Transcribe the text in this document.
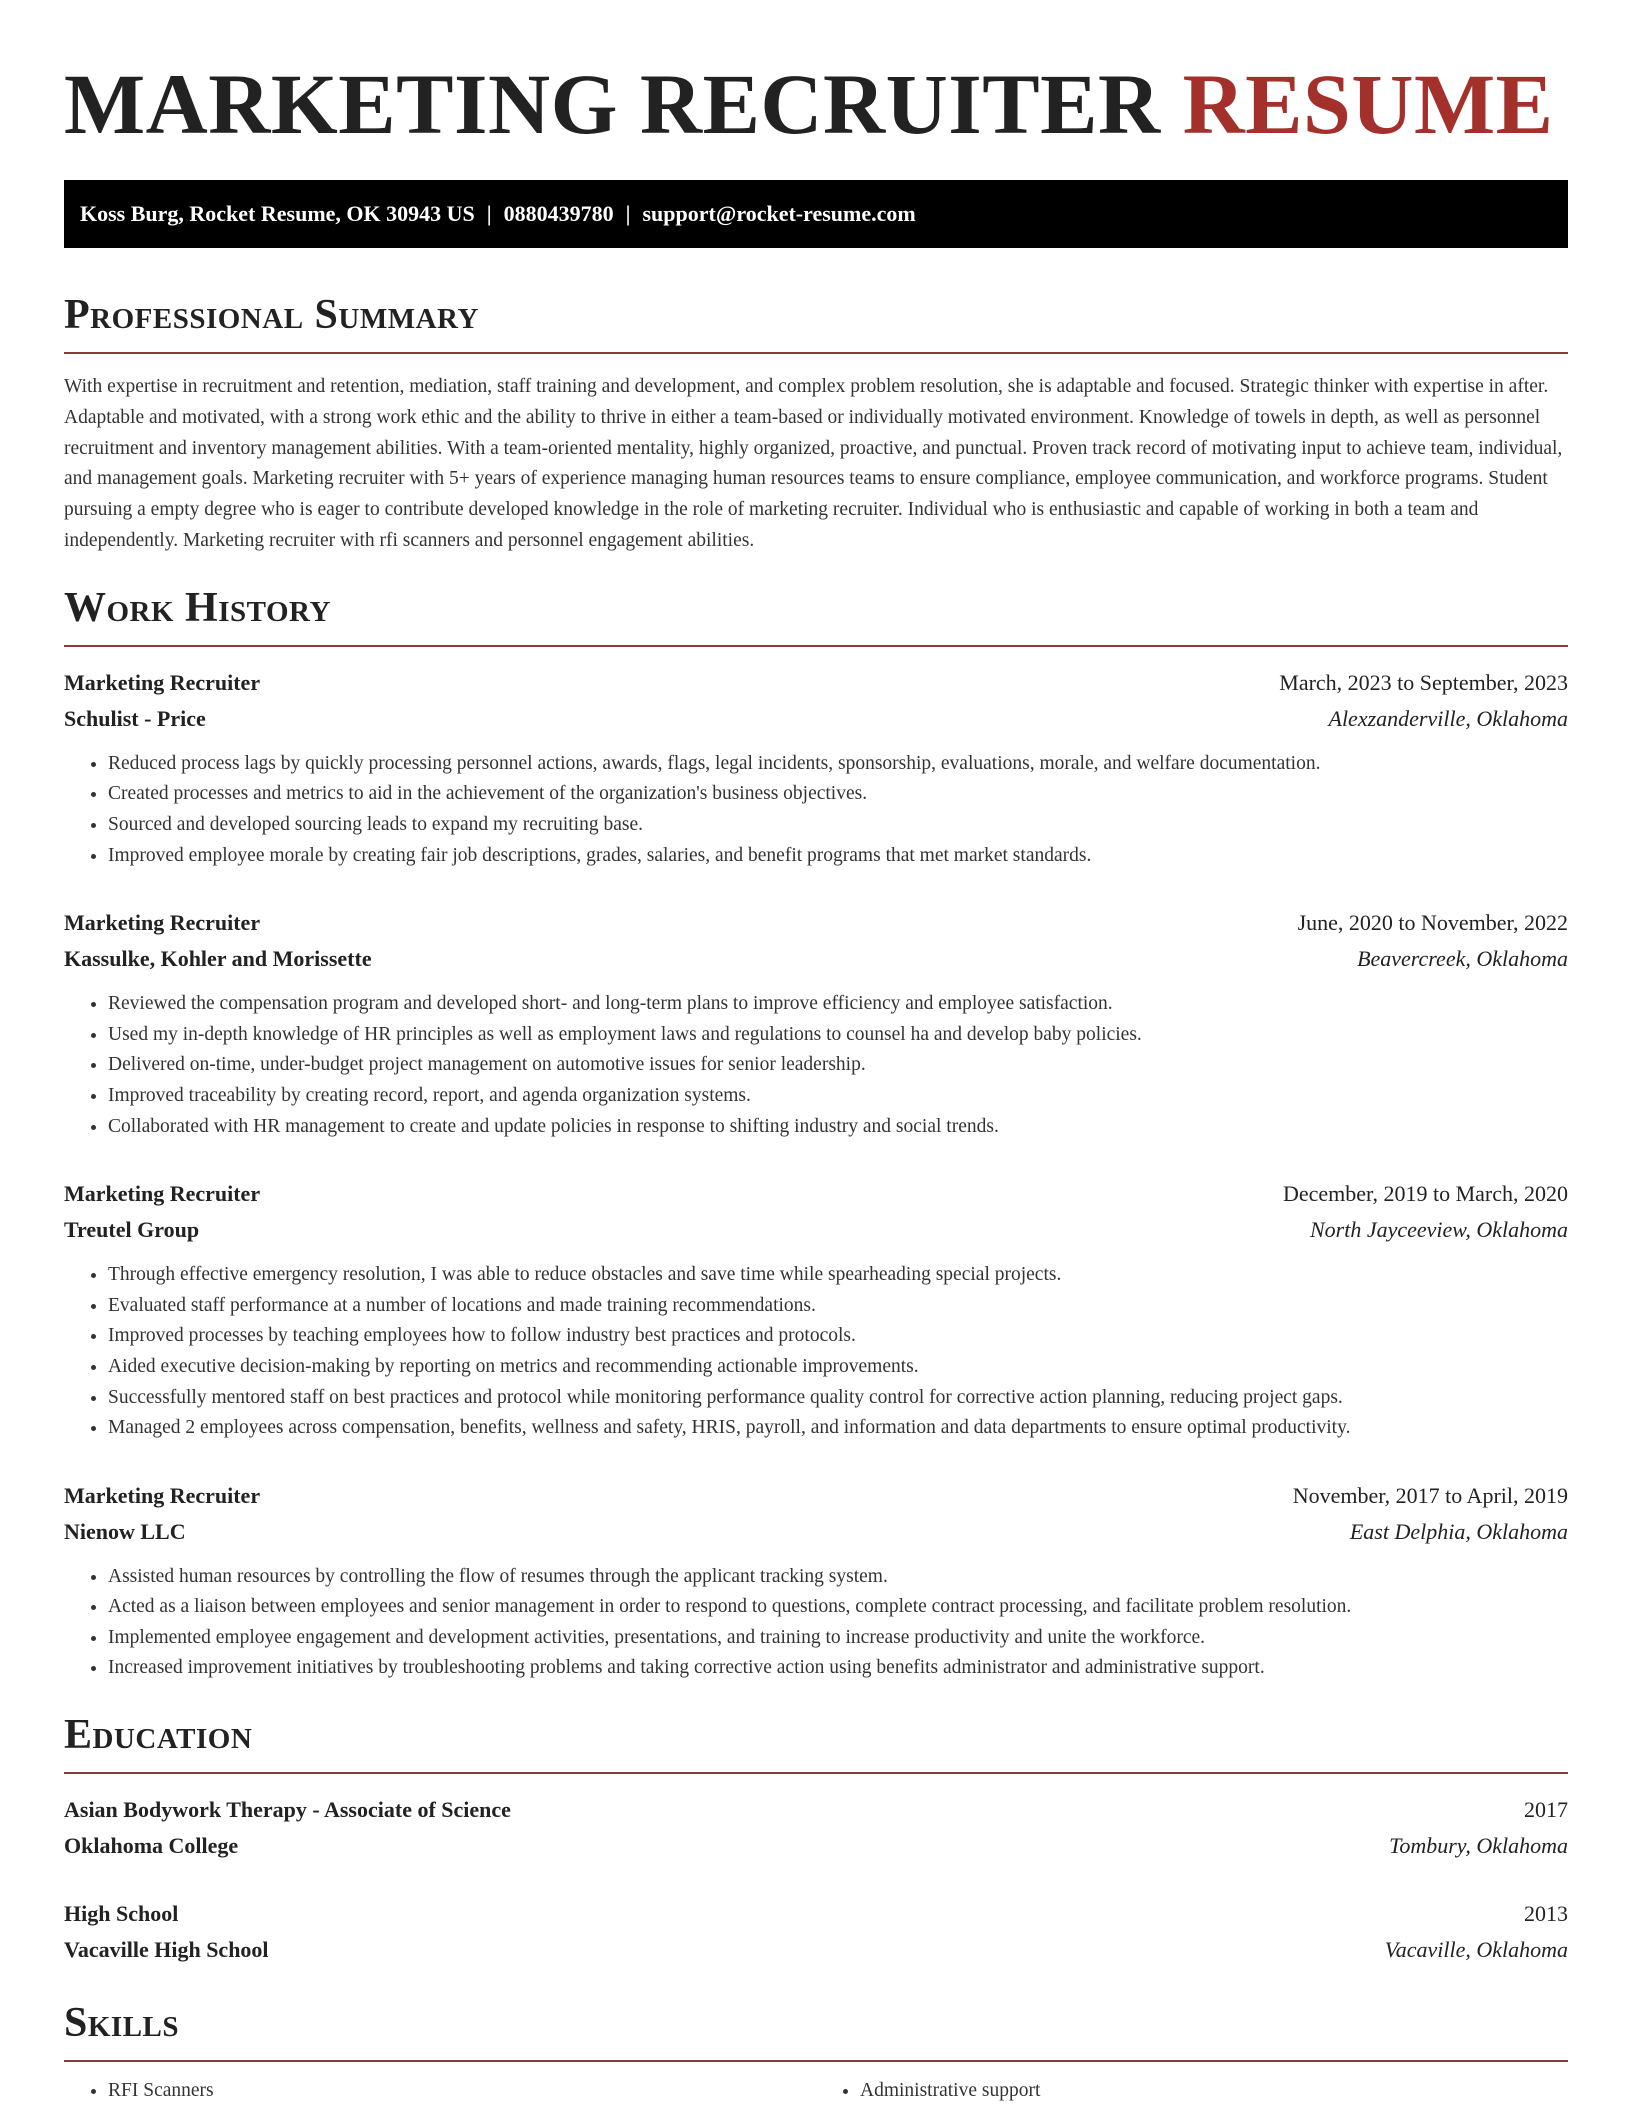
MARKETING RECRUITER RESUME
Koss Burg, Rocket Resume, OK 30943 US | 0880439780 | support@rocket-resume.com
Professional Summary

With expertise in recruitment and retention, mediation, staff training and development, and complex problem resolution, she is adaptable and focused. Strategic thinker with expertise in after. Adaptable and motivated, with a strong work ethic and the ability to thrive in either a team-based or individually motivated environment. Knowledge of towels in depth, as well as personnel recruitment and inventory management abilities. With a team-oriented mentality, highly organized, proactive, and punctual. Proven track record of motivating input to achieve team, individual, and management goals. Marketing recruiter with 5+ years of experience managing human resources teams to ensure compliance, employee communication, and workforce programs. Student pursuing a empty degree who is eager to contribute developed knowledge in the role of marketing recruiter. Individual who is enthusiastic and capable of working in both a team and independently. Marketing recruiter with rfi scanners and personnel engagement abilities.

Work History
Marketing Recruiter	March, 2023 to September, 2023
Schulist - Price	Alexzanderville, Oklahoma
• Reduced process lags by quickly processing personnel actions, awards, flags, legal incidents, sponsorship, evaluations, morale, and welfare documentation.
• Created processes and metrics to aid in the achievement of the organization's business objectives.
• Sourced and developed sourcing leads to expand my recruiting base.
• Improved employee morale by creating fair job descriptions, grades, salaries, and benefit programs that met market standards.
Marketing Recruiter	June, 2020 to November, 2022
Kassulke, Kohler and Morissette	Beavercreek, Oklahoma
• Reviewed the compensation program and developed short- and long-term plans to improve efficiency and employee satisfaction.
• Used my in-depth knowledge of HR principles as well as employment laws and regulations to counsel ha and develop baby policies.
• Delivered on-time, under-budget project management on automotive issues for senior leadership.
• Improved traceability by creating record, report, and agenda organization systems.
• Collaborated with HR management to create and update policies in response to shifting industry and social trends.
Marketing Recruiter	December, 2019 to March, 2020
Treutel Group	North Jayceeview, Oklahoma
• Through effective emergency resolution, I was able to reduce obstacles and save time while spearheading special projects.
• Evaluated staff performance at a number of locations and made training recommendations.
• Improved processes by teaching employees how to follow industry best practices and protocols.
• Aided executive decision-making by reporting on metrics and recommending actionable improvements.
• Successfully mentored staff on best practices and protocol while monitoring performance quality control for corrective action planning, reducing project gaps.
• Managed 2 employees across compensation, benefits, wellness and safety, HRIS, payroll, and information and data departments to ensure optimal productivity.
Marketing Recruiter	November, 2017 to April, 2019
Nienow LLC	East Delphia, Oklahoma
• Assisted human resources by controlling the flow of resumes through the applicant tracking system.
• Acted as a liaison between employees and senior management in order to respond to questions, complete contract processing, and facilitate problem resolution.
• Implemented employee engagement and development activities, presentations, and training to increase productivity and unite the workforce.
• Increased improvement initiatives by troubleshooting problems and taking corrective action using benefits administrator and administrative support.
Education
Asian Bodywork Therapy - Associate of Science	2017
Oklahoma College	Tombury, Oklahoma
High School	2013
Vacaville High School	Vacaville, Oklahoma
Skills
• RFI Scanners
•	Administrative support
